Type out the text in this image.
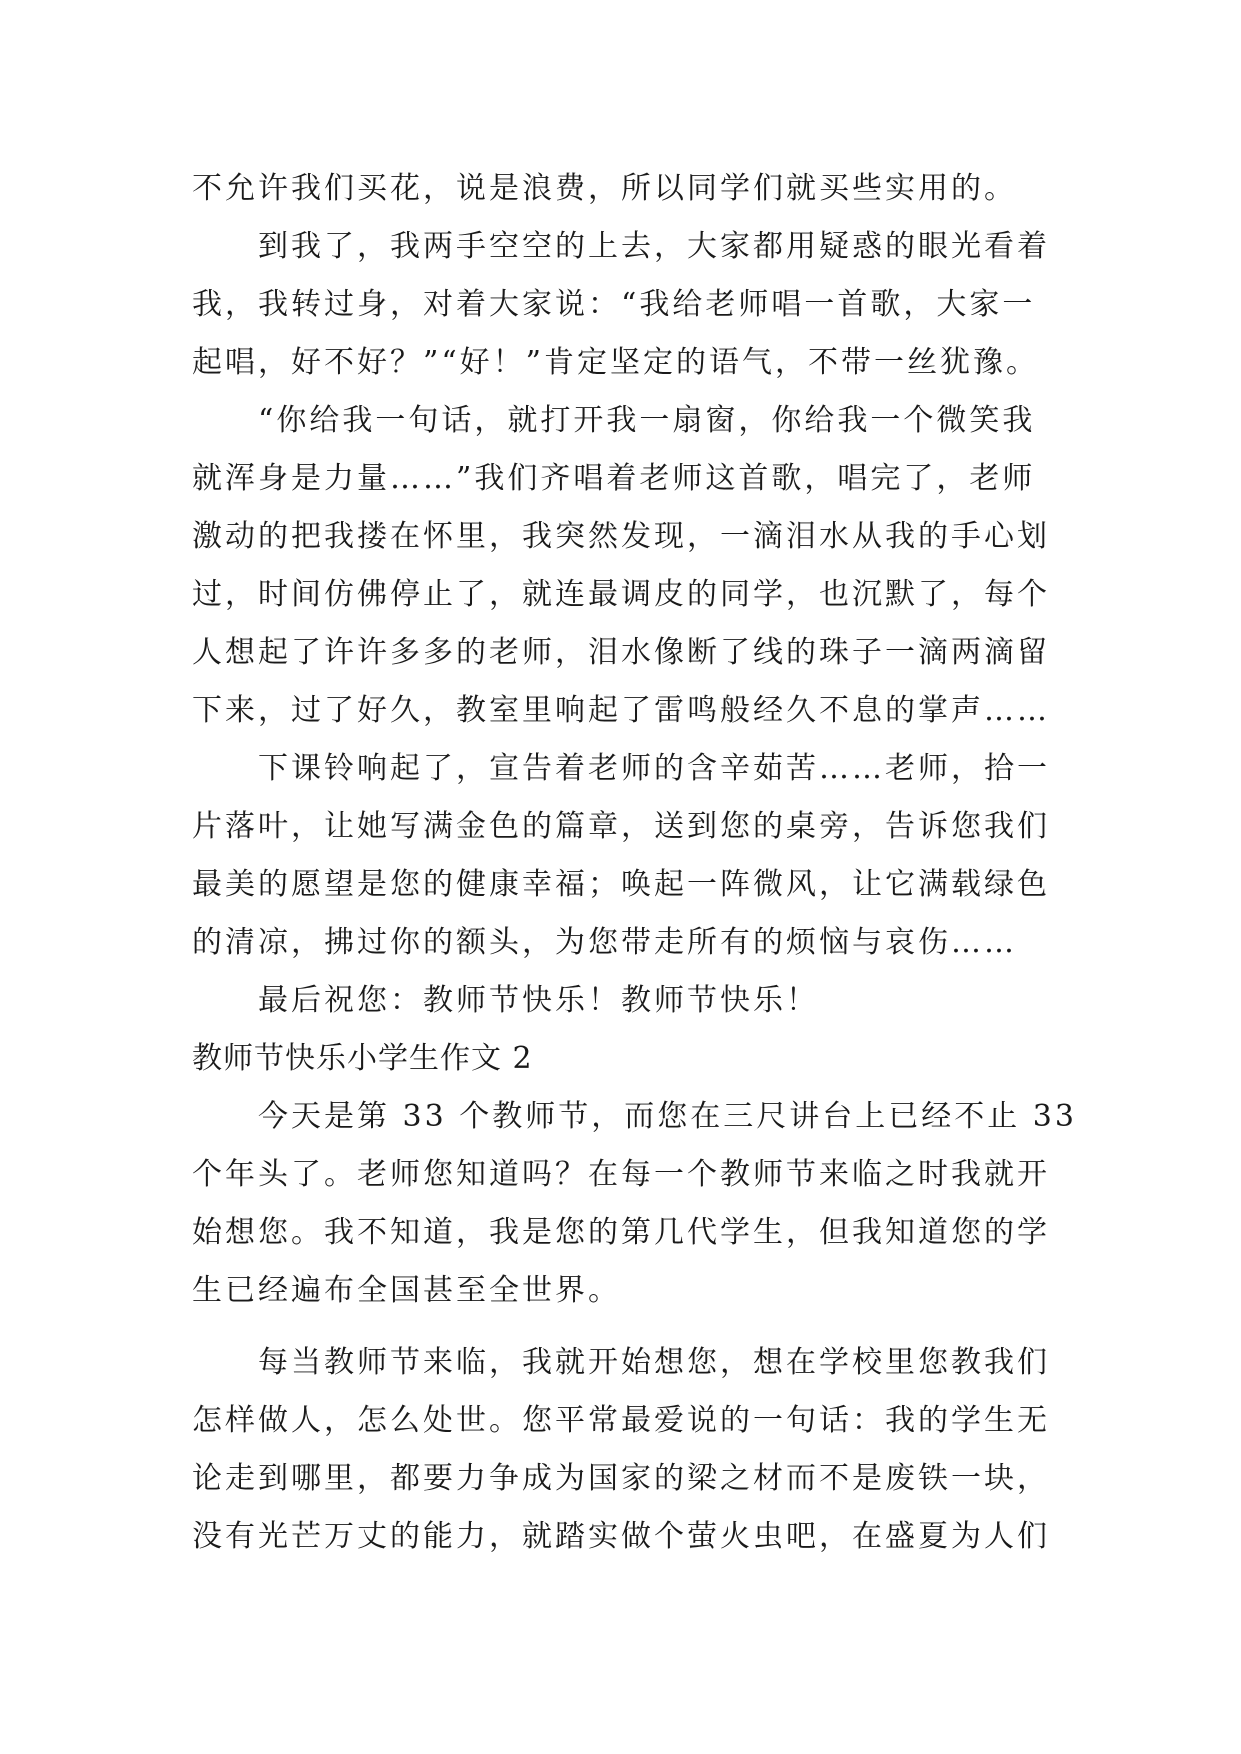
不允许我们买花，说是浪费，所以同学们就买些实用的。
　　到我了，我两手空空的上去，大家都用疑惑的眼光看着
我，我转过身，对着大家说：“我给老师唱一首歌，大家一
起唱，好不好？”“好！”肯定坚定的语气，不带一丝犹豫。
　　“你给我一句话，就打开我一扇窗，你给我一个微笑我
就浑身是力量……”我们齐唱着老师这首歌，唱完了，老师
激动的把我搂在怀里，我突然发现，一滴泪水从我的手心划
过，时间仿佛停止了，就连最调皮的同学，也沉默了，每个
人想起了许许多多的老师，泪水像断了线的珠子一滴两滴留
下来，过了好久，教室里响起了雷鸣般经久不息的掌声……
　　下课铃响起了，宣告着老师的含辛茹苦……老师，拾一
片落叶，让她写满金色的篇章，送到您的桌旁，告诉您我们
最美的愿望是您的健康幸福；唤起一阵微风，让它满载绿色
的清凉，拂过你的额头，为您带走所有的烦恼与哀伤……
　　最后祝您：教师节快乐！教师节快乐！
教师节快乐小学生作文 2
　　今天是第 33 个教师节，而您在三尺讲台上已经不止 33
个年头了。老师您知道吗？在每一个教师节来临之时我就开
始想您。我不知道，我是您的第几代学生，但我知道您的学
生已经遍布全国甚至全世界。
　　每当教师节来临，我就开始想您，想在学校里您教我们
怎样做人，怎么处世。您平常最爱说的一句话：我的学生无
论走到哪里，都要力争成为国家的梁之材而不是废铁一块，
没有光芒万丈的能力，就踏实做个萤火虫吧，在盛夏为人们
